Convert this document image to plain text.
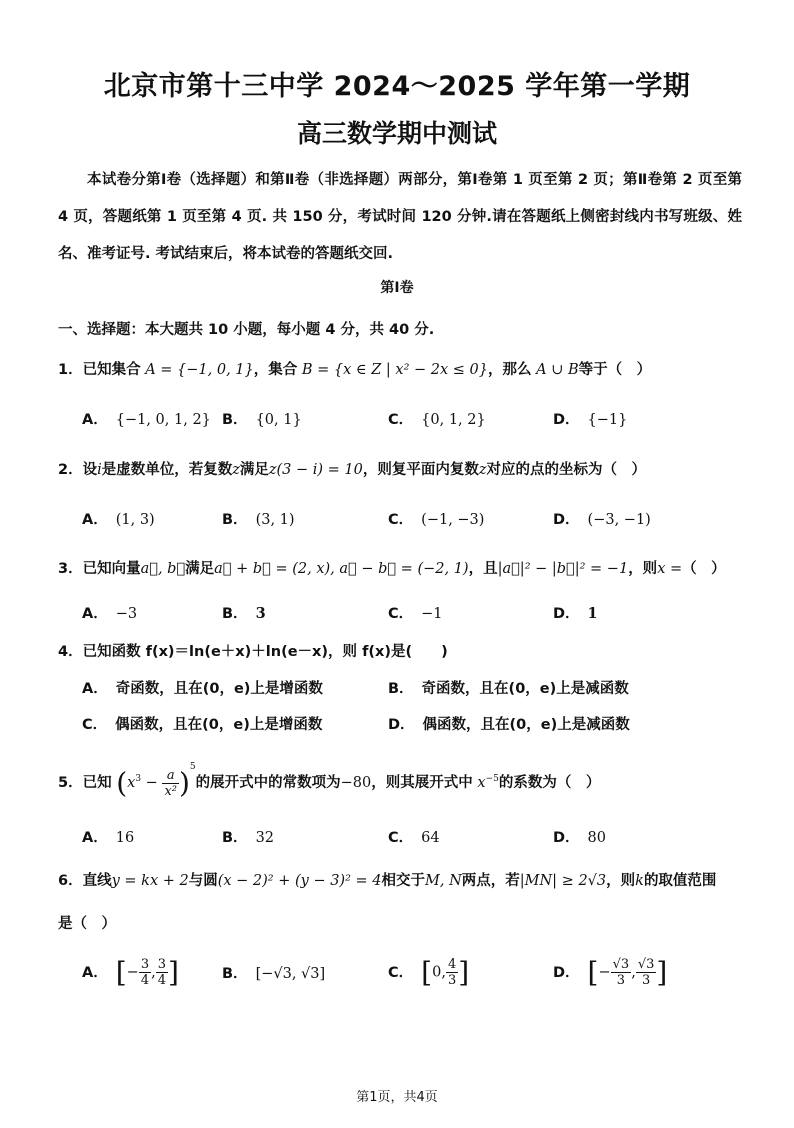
北京市第十三中学 2024～2025 学年第一学期
高三数学期中测试
本试卷分第Ⅰ卷（选择题）和第Ⅱ卷（非选择题）两部分，第Ⅰ卷第 1 页至第 2 页；第Ⅱ卷第 2 页至第 4 页，答题纸第 1 页至第 4 页. 共 150 分，考试时间 120 分钟.请在答题纸上侧密封线内书写班级、姓名、准考证号. 考试结束后，将本试卷的答题纸交回.
第Ⅰ卷
一、选择题：本大题共 10 小题，每小题 4 分，共 40 分.
1．已知集合 A = {−1, 0, 1}，集合 B = {x ∈ Z | x² − 2x ≤ 0}，那么 A ∪ B等于（　）
A． {−1, 0, 1, 2} B． {0, 1}	C． {0, 1, 2}	D． {−1}
2．设i是虚数单位，若复数z满足z(3 − i) = 10，则复平面内复数z对应的点的坐标为（　）
A． (1, 3)	B． (3, 1)	C． (−1, −3)	D． (−3, −1)
3．已知向量a⃗, b⃗满足a⃗ + b⃗ = (2, x), a⃗ − b⃗ = (−2, 1)，且|a⃗|² − |b⃗|² = −1，则x =（　）
A． −3	B． 3	C． −1	D． 1
4．已知函数 f(x)＝ln(e＋x)＋ln(e－x)，则 f(x)是(　　)
A． 奇函数，且在(0，e)上是增函数	B． 奇函数，且在(0，e)上是减函数
C． 偶函数，且在(0，e)上是增函数	D． 偶函数，且在(0，e)上是减函数
5．已知 $(x^3 - \frac{a}{\text{x²}} )^5$的展开式中的常数项为−80，则其展开式中 $x^{-5}$的系数为（　）
A． 16	B． 32	C． 64	D． 80
6．直线y = kx + 2与圆(x − 2)² + (y − 3)² = 4相交于M, N两点，若|MN| ≥ 2√3，则k的取值范围
是（　）
A． [− $\frac{3}{4}$ , $\frac{3}{4}$ ]	B． [−√3, √3]	C． [0, $\frac{4}{3}$ ]	D． [− $\frac{√3}{3}$ , $\frac{√3}{3}$ ]
第1页，共4页
